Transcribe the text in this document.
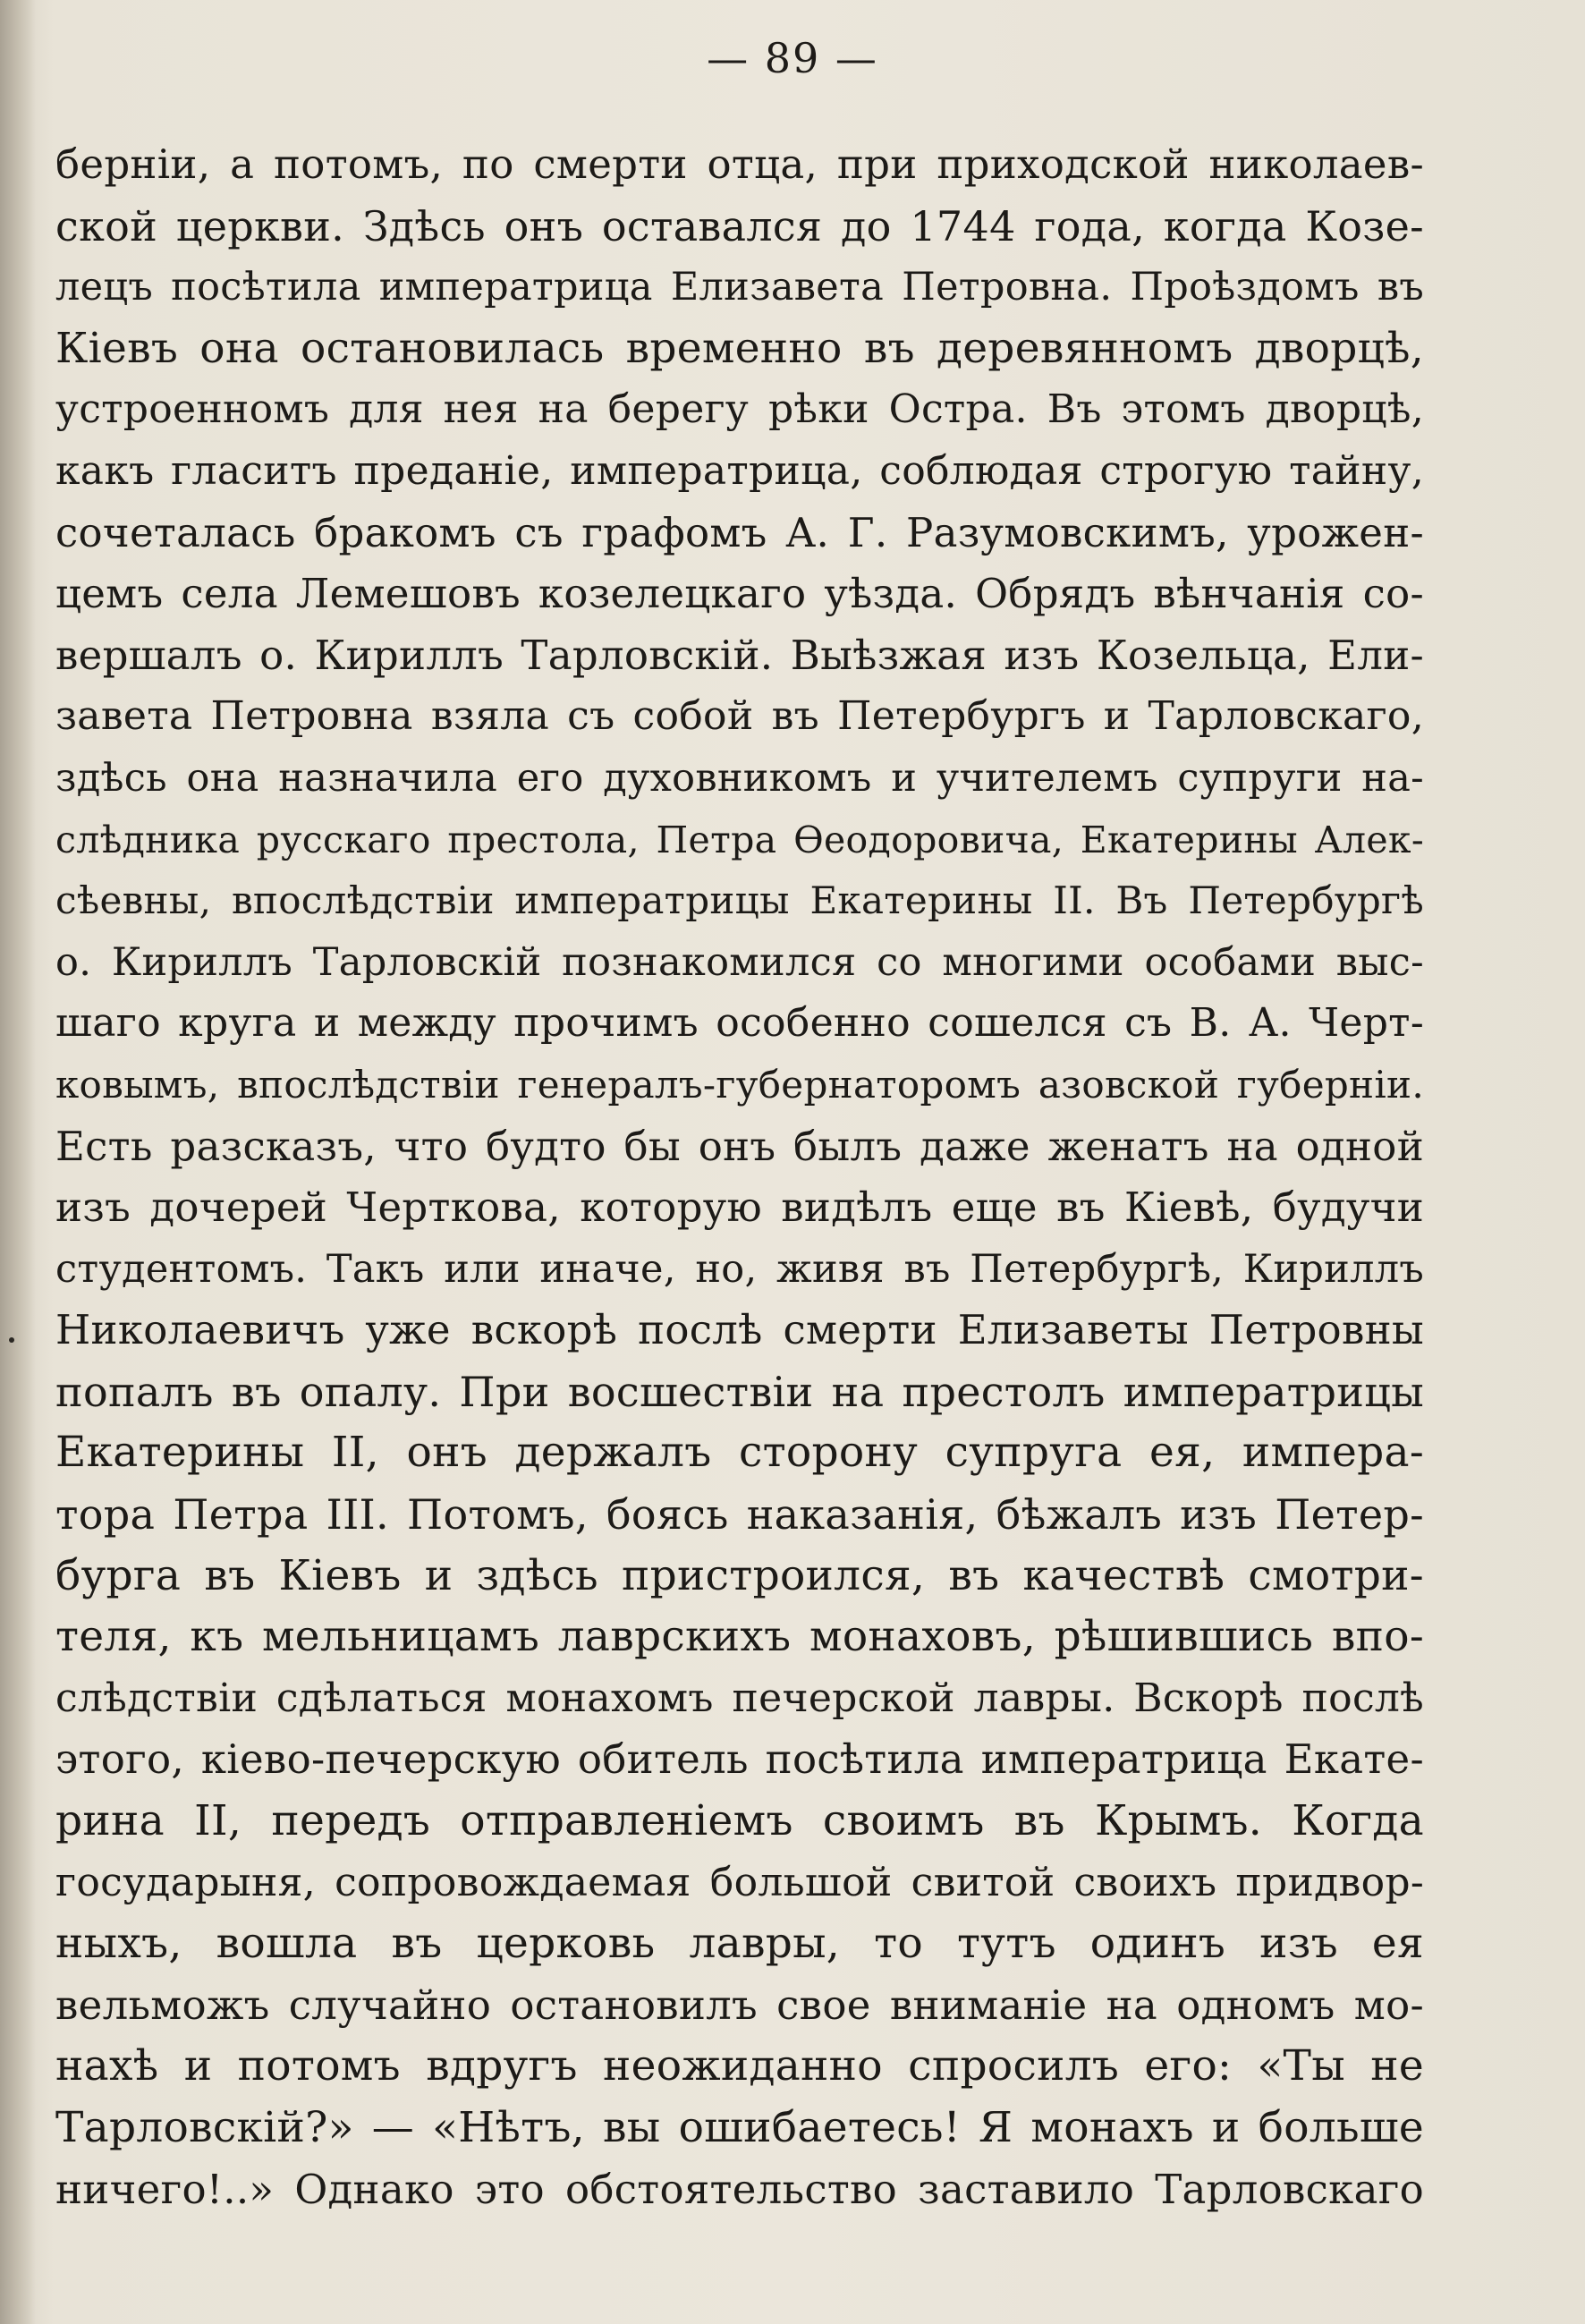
— 89 —
берніи, а потомъ, по смерти отца, при приходской николаев-
ской церкви. Здѣсь онъ оставался до 1744 года, когда Козе-
лецъ посѣтила императрица Елизавета Петровна. Проѣздомъ въ
Кіевъ она остановилась временно въ деревянномъ дворцѣ,
устроенномъ для нея на берегу рѣки Остра. Въ этомъ дворцѣ,
какъ гласитъ преданіе, императрица, соблюдая строгую тайну,
сочеталась бракомъ съ графомъ А. Г. Разумовскимъ, урожен-
цемъ села Лемешовъ козелецкаго уѣзда. Обрядъ вѣнчанія со-
вершалъ о. Кириллъ Тарловскій. Выѣзжая изъ Козельца, Ели-
завета Петровна взяла съ собой въ Петербургъ и Тарловскаго,
здѣсь она назначила его духовникомъ и учителемъ супруги на-
слѣдника русскаго престола, Петра Ѳеодоровича, Екатерины Алек-
сѣевны, впослѣдствіи императрицы Екатерины II. Въ Петербургѣ
о. Кириллъ Тарловскій познакомился со многими особами выс-
шаго круга и между прочимъ особенно сошелся съ В. А. Черт-
ковымъ, впослѣдствіи генералъ-губернаторомъ азовской губерніи.
Есть разсказъ, что будто бы онъ былъ даже женатъ на одной
изъ дочерей Черткова, которую видѣлъ еще въ Кіевѣ, будучи
студентомъ. Такъ или иначе, но, живя въ Петербургѣ, Кириллъ
Николаевичъ уже вскорѣ послѣ смерти Елизаветы Петровны
попалъ въ опалу. При восшествіи на престолъ императрицы
Екатерины II, онъ держалъ сторону супруга ея, импера-
тора Петра III. Потомъ, боясь наказанія, бѣжалъ изъ Петер-
бурга въ Кіевъ и здѣсь пристроился, въ качествѣ смотри-
теля, къ мельницамъ лаврскихъ монаховъ, рѣшившись впо-
слѣдствіи сдѣлаться монахомъ печерской лавры. Вскорѣ послѣ
этого, кіево-печерскую обитель посѣтила императрица Екате-
рина II, передъ отправленіемъ своимъ въ Крымъ. Когда
государыня, сопровождаемая большой свитой своихъ придвор-
ныхъ, вошла въ церковь лавры, то тутъ одинъ изъ ея
вельможъ случайно остановилъ свое вниманіе на одномъ мо-
нахѣ и потомъ вдругъ неожиданно спросилъ его: «Ты не
Тарловскій?» — «Нѣтъ, вы ошибаетесь! Я монахъ и больше
ничего!..» Однако это обстоятельство заставило Тарловскаго
